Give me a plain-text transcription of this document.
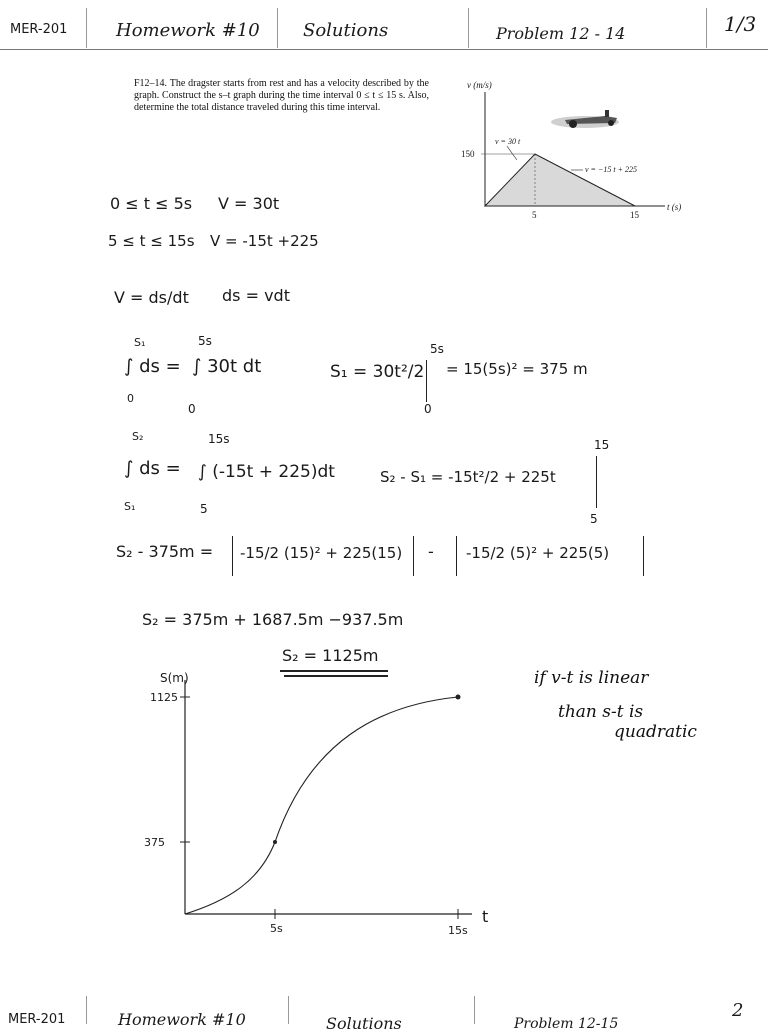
MER-201	Homework #10 Solutions	Problem 12 - 14	1/3
F12–14. The dragster starts from rest and has a velocity described by the graph. Construct the s–t graph during the time interval 0 ≤ t ≤ 15 s. Also, determine the total distance traveled during this time interval.
v (m/s)
t (s)
150
5	15
v = 30 t
v = −15 t + 225
0 ≤ t ≤ 5s V = 30t
5 ≤ t ≤ 15s V = -15t +225
V = ds/dt ds = vdt
S₁
0
∫ ds =
5s
0
∫ 30t dt	S₁ = 30t²/2
5s
0
= 15(5s)² = 375 m
S₂
S₁
∫ ds =
15s
5
∫ (-15t + 225)dt	S₂ - S₁ = -15t²/2 + 225t
15
5
S₂ - 375m = -15/2 (15)² + 225(15) - -15/2 (5)² + 225(5)
S₂ = 375m + 1687.5m −937.5m
S₂ = 1125m
S(m)
t
1125
375
5s	15s
if v-t is linear
than s-t is
quadratic
MER-201	Homework #10	Solutions	Problem 12-15
2
